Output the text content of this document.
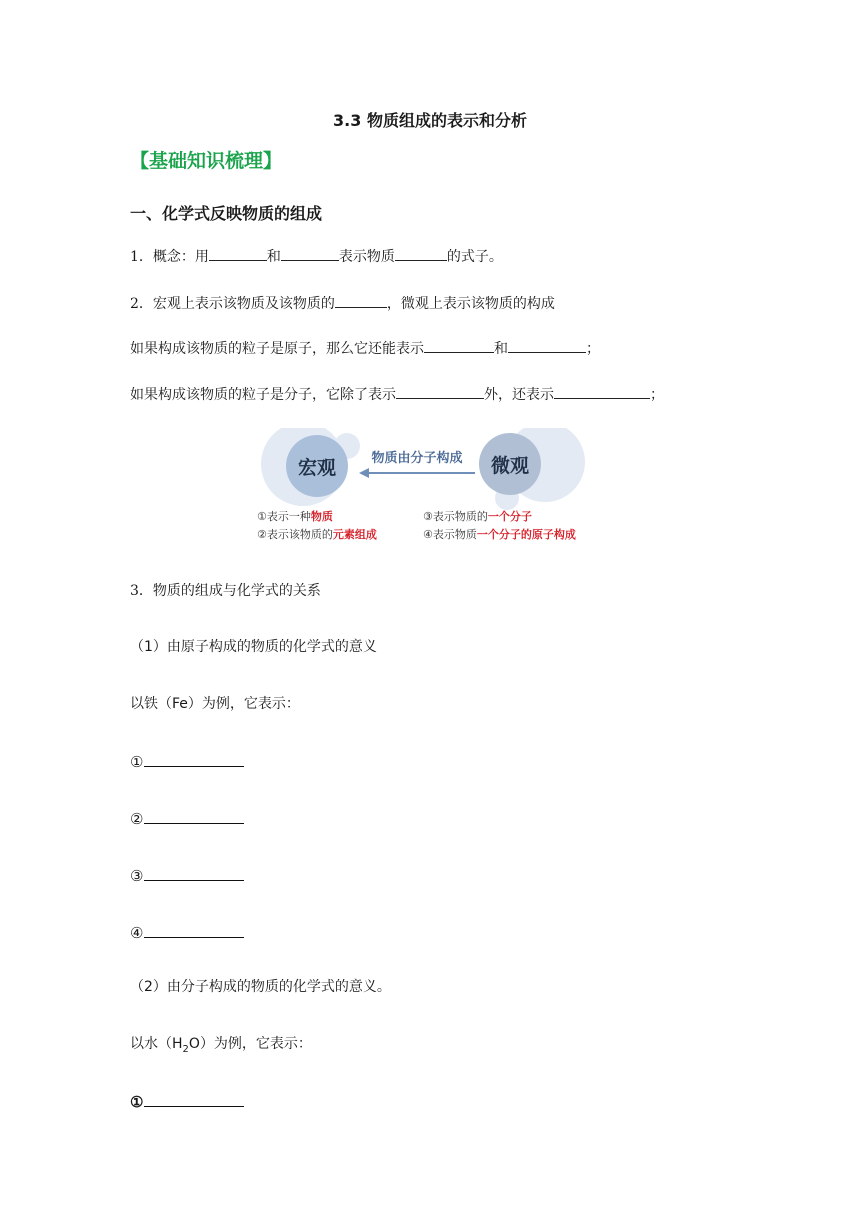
3.3 物质组成的表示和分析
【基础知识梳理】
一、化学式反映物质的组成
1．概念：用	和	表示物质	的式子。
2．宏观上表示该物质及该物质的	，微观上表示该物质的构成
如果构成该物质的粒子是原子，那么它还能表示	和	；
如果构成该物质的粒子是分子，它除了表示	外，还表示	；
宏观	微观
物质由分子构成
①表示一种物质
②表示该物质的元素组成
③表示物质的一个分子
④表示物质一个分子的原子构成
3．物质的组成与化学式的关系
（1）由原子构成的物质的化学式的意义
以铁（Fe）为例，它表示：
①
②
③
④
（2）由分子构成的物质的化学式的意义。
以水$(H_2O)$为例，它表示：
①
